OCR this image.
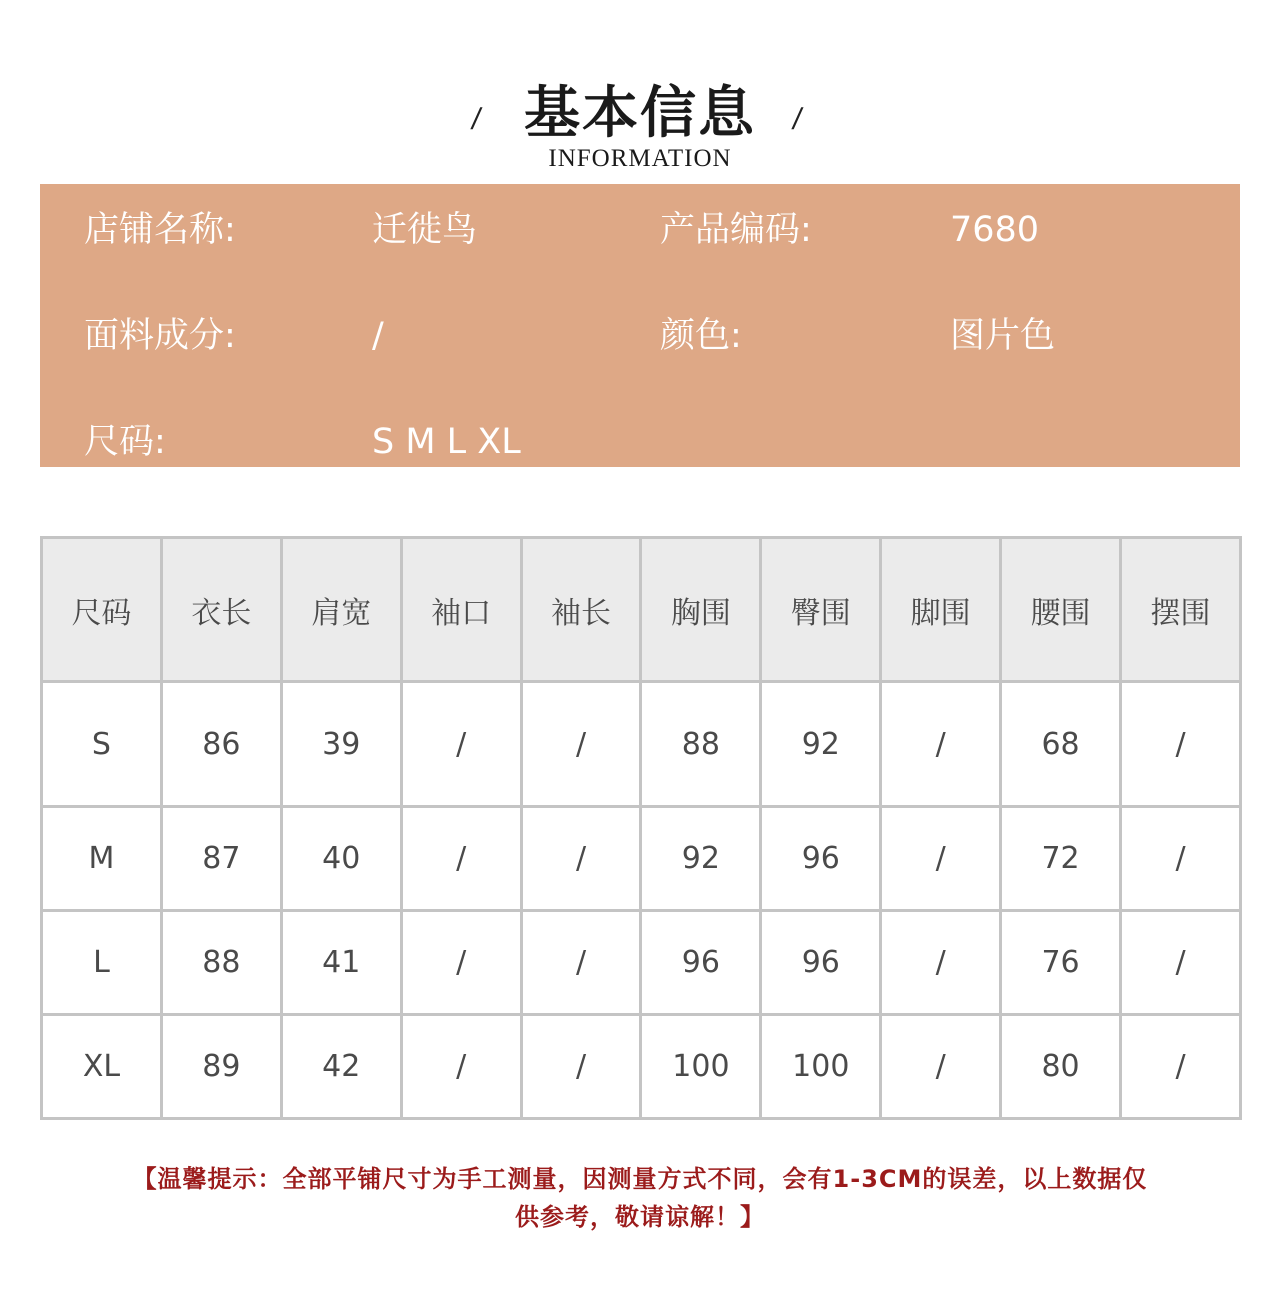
/ 基本信息	/
INFORMATION
店铺名称:	迁徙鸟	产品编码:	7680
面料成分:	/	颜色:	图片色
尺码:	S M L XL
尺码	衣长	肩宽	袖口	袖长	胸围	臀围	脚围	腰围	摆围
S	86	39	/	/	88	92	/	68	/
M	87	40	/	/	92	96	/	72	/
L	88	41	/	/	96	96	/	76	/
XL	89	42	/	/	100	100	/	80	/
【温馨提示：全部平铺尺寸为手工测量，因测量方式不同，会有1-3CM的误差，以上数据仅
供参考，敬请谅解！】
